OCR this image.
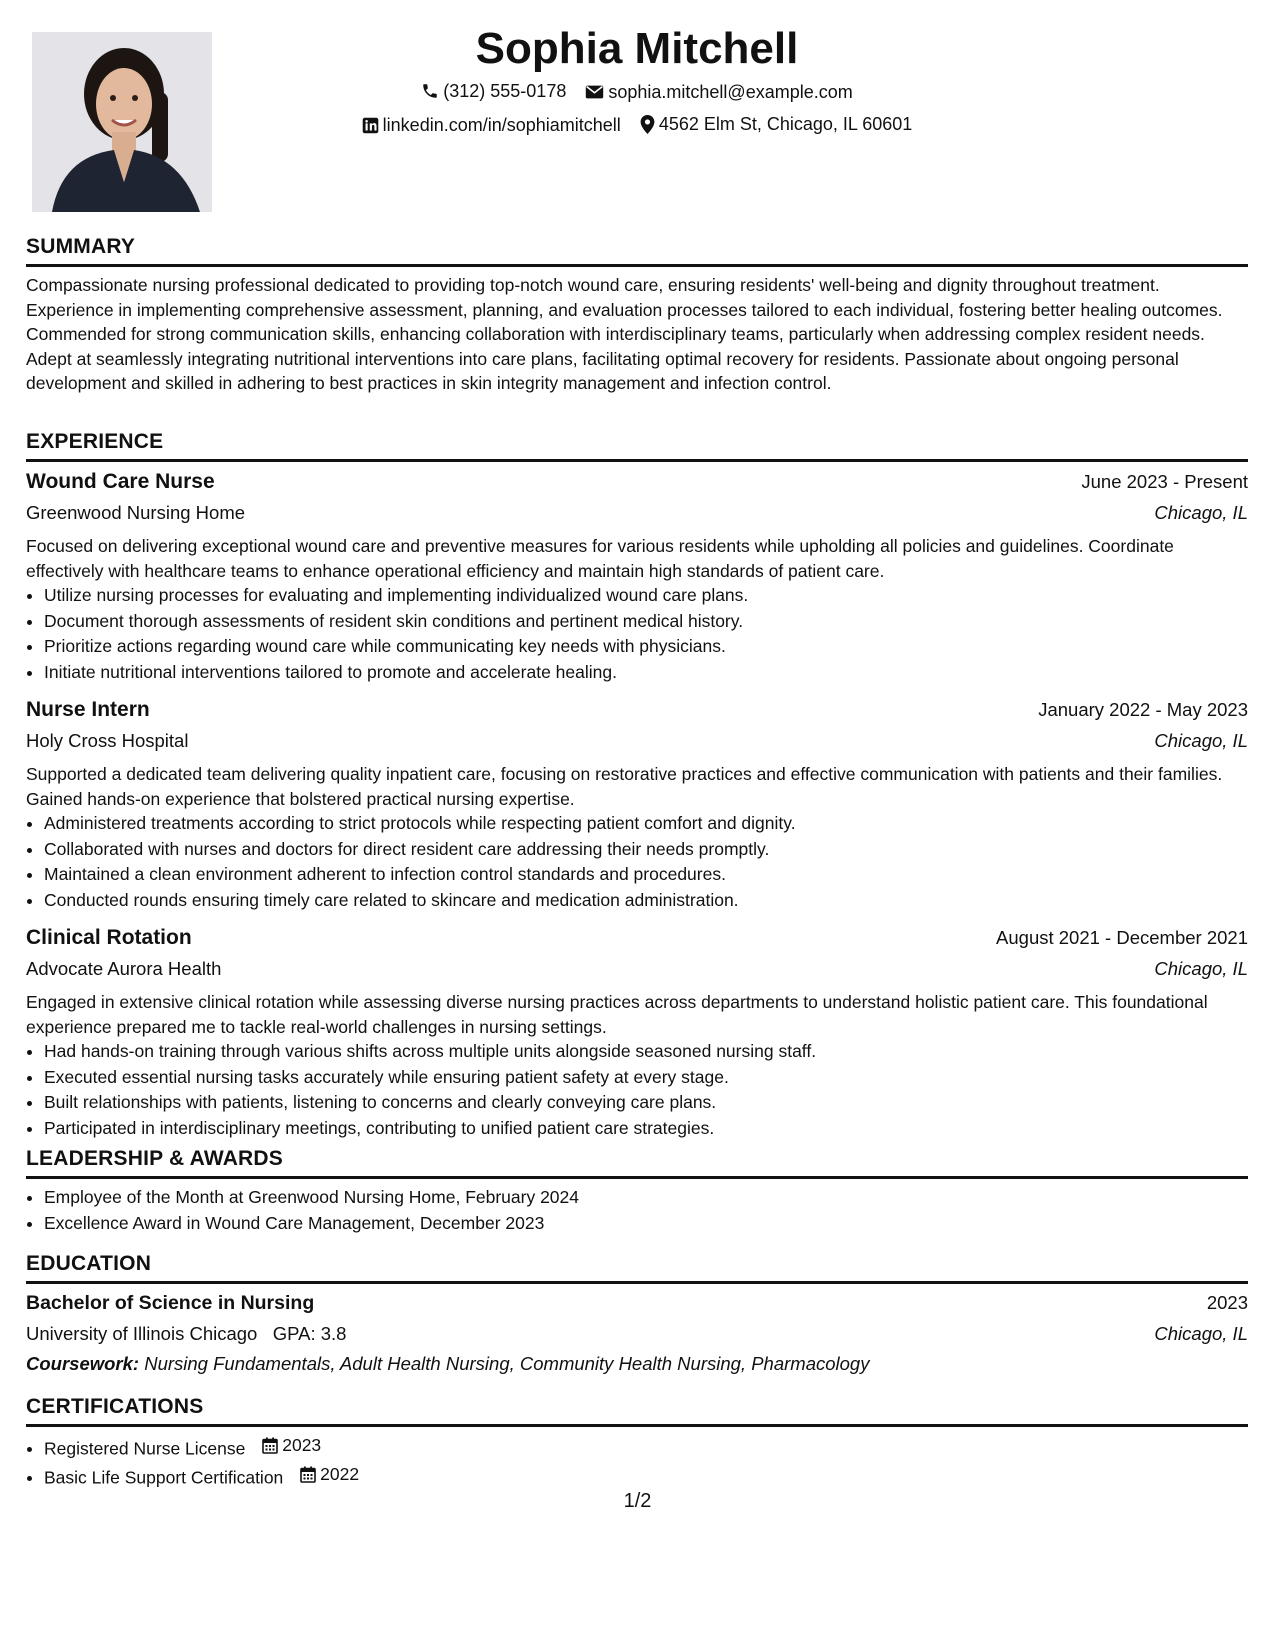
Sophia Mitchell
(312) 555-0178
sophia.mitchell@example.com
linkedin.com/in/sophiamitchell
4562 Elm St, Chicago, IL 60601
SUMMARY

Compassionate nursing professional dedicated to providing top-notch wound care, ensuring residents' well-being and dignity throughout treatment. Experience in implementing comprehensive assessment, planning, and evaluation processes tailored to each individual, fostering better healing outcomes. Commended for strong communication skills, enhancing collaboration with interdisciplinary teams, particularly when addressing complex resident needs. Adept at seamlessly integrating nutritional interventions into care plans, facilitating optimal recovery for residents. Passionate about ongoing personal development and skilled in adhering to best practices in skin integrity management and infection control.

EXPERIENCE
Wound Care Nurse	June 2023 - Present
Greenwood Nursing Home	Chicago, IL

Focused on delivering exceptional wound care and preventive measures for various residents while upholding all policies and guidelines. Coordinate effectively with healthcare teams to enhance operational efficiency and maintain high standards of patient care.

• Utilize nursing processes for evaluating and implementing individualized wound care plans.
• Document thorough assessments of resident skin conditions and pertinent medical history.
• Prioritize actions regarding wound care while communicating key needs with physicians.
• Initiate nutritional interventions tailored to promote and accelerate healing.
Nurse Intern	January 2022 - May 2023
Holy Cross Hospital	Chicago, IL

Supported a dedicated team delivering quality inpatient care, focusing on restorative practices and effective communication with patients and their families. Gained hands-on experience that bolstered practical nursing expertise.

• Administered treatments according to strict protocols while respecting patient comfort and dignity.
• Collaborated with nurses and doctors for direct resident care addressing their needs promptly.
• Maintained a clean environment adherent to infection control standards and procedures.
• Conducted rounds ensuring timely care related to skincare and medication administration.
Clinical Rotation	August 2021 - December 2021
Advocate Aurora Health	Chicago, IL

Engaged in extensive clinical rotation while assessing diverse nursing practices across departments to understand holistic patient care. This foundational experience prepared me to tackle real-world challenges in nursing settings.

• Had hands-on training through various shifts across multiple units alongside seasoned nursing staff.
• Executed essential nursing tasks accurately while ensuring patient safety at every stage.
• Built relationships with patients, listening to concerns and clearly conveying care plans.
• Participated in interdisciplinary meetings, contributing to unified patient care strategies.
LEADERSHIP & AWARDS
• Employee of the Month at Greenwood Nursing Home, February 2024
• Excellence Award in Wound Care Management, December 2023
EDUCATION
Bachelor of Science in Nursing	2023
University of Illinois Chicago GPA: 3.8	Chicago, IL
Coursework: Nursing Fundamentals, Adult Health Nursing, Community Health Nursing, Pharmacology
CERTIFICATIONS
• Registered Nurse License 2023
• Basic Life Support Certification 2022
1/2
